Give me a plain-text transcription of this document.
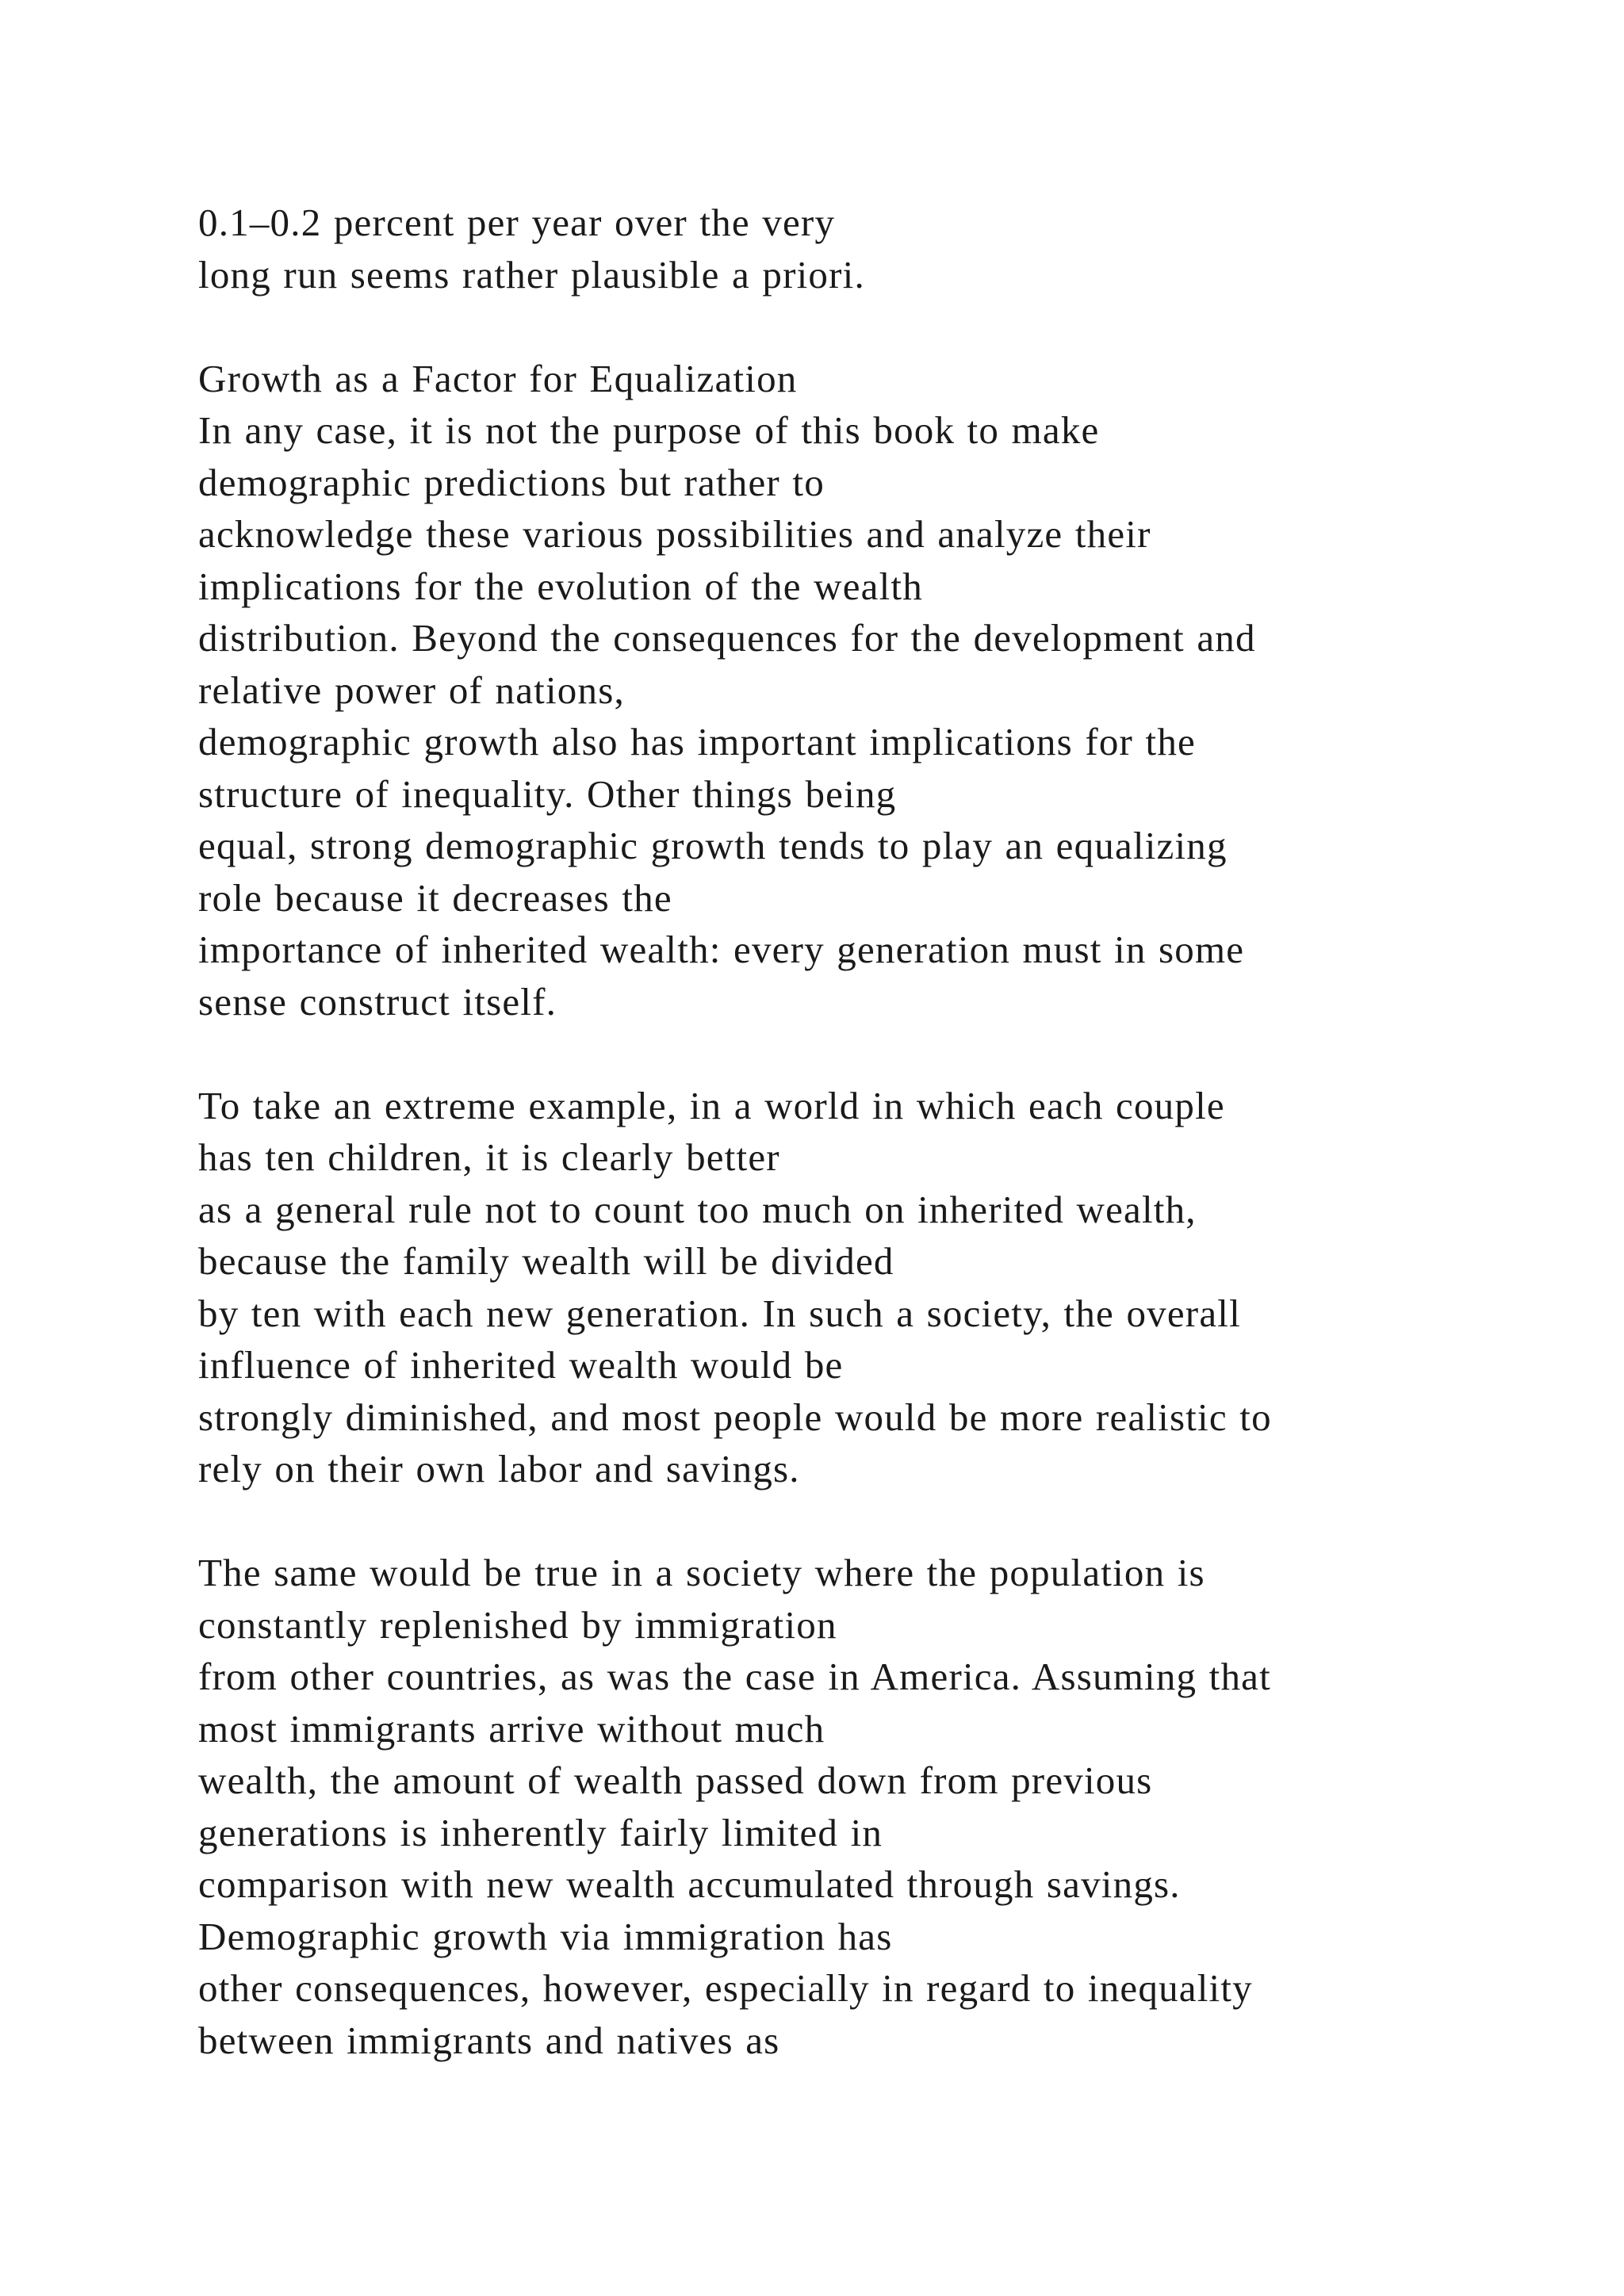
0.1–0.2 percent per year over the very
long run seems rather plausible a priori.
Growth as a Factor for Equalization
In any case, it is not the purpose of this book to make
demographic predictions but rather to
acknowledge these various possibilities and analyze their
implications for the evolution of the wealth
distribution. Beyond the consequences for the development and
relative power of nations,
demographic growth also has important implications for the
structure of inequality. Other things being
equal, strong demographic growth tends to play an equalizing
role because it decreases the
importance of inherited wealth: every generation must in some
sense construct itself.
To take an extreme example, in a world in which each couple
has ten children, it is clearly better
as a general rule not to count too much on inherited wealth,
because the family wealth will be divided
by ten with each new generation. In such a society, the overall
influence of inherited wealth would be
strongly diminished, and most people would be more realistic to
rely on their own labor and savings.
The same would be true in a society where the population is
constantly replenished by immigration
from other countries, as was the case in America. Assuming that
most immigrants arrive without much
wealth, the amount of wealth passed down from previous
generations is inherently fairly limited in
comparison with new wealth accumulated through savings.
Demographic growth via immigration has
other consequences, however, especially in regard to inequality
between immigrants and natives as
